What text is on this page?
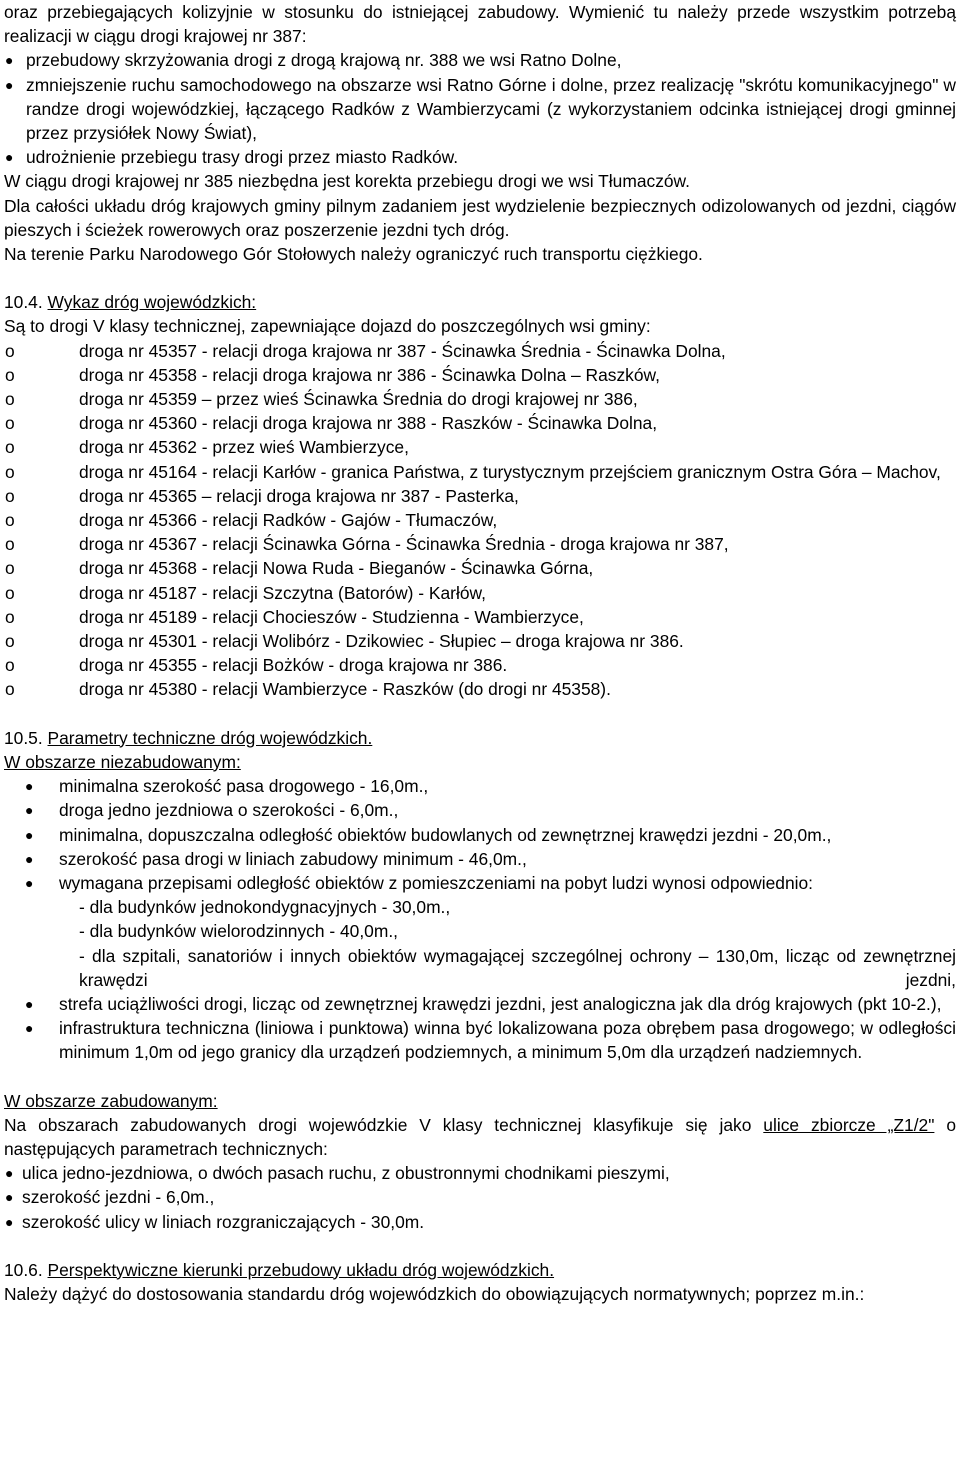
oraz przebiegających kolizyjnie w stosunku do istniejącej zabudowy. Wymienić tu należy przede wszystkim potrzebą realizacji w ciągu drogi krajowej nr 387:

● przebudowy skrzyżowania drogi z drogą krajową nr. 388 we wsi Ratno Dolne,
● zmniejszenie ruchu samochodowego na obszarze wsi Ratno Górne i dolne, przez realizację "skrótu komunikacyjnego" w randze drogi wojewódzkiej, łączącego Radków z Wambierzycami (z wykorzystaniem odcinka istniejącej drogi gminnej przez przysiółek Nowy Świat),
● udrożnienie przebiegu trasy drogi przez miasto Radków.

W ciągu drogi krajowej nr 385 niezbędna jest korekta przebiegu drogi we wsi Tłumaczów.

Dla całości układu dróg krajowych gminy pilnym zadaniem jest wydzielenie bezpiecznych odizolowanych od jezdni, ciągów pieszych i ścieżek rowerowych oraz poszerzenie jezdni tych dróg.

Na terenie Parku Narodowego Gór Stołowych należy ograniczyć ruch transportu ciężkiego.

10.4. Wykaz dróg wojewódzkich:

Są to drogi V klasy technicznej, zapewniające dojazd do poszczególnych wsi gminy:

o	droga nr 45357 - relacji droga krajowa nr 387 - Ścinawka Średnia - Ścinawka Dolna,
o	droga nr 45358 - relacji droga krajowa nr 386 - Ścinawka Dolna – Raszków,
o	droga nr 45359 – przez wieś Ścinawka Średnia do drogi krajowej nr 386,
o	droga nr 45360 - relacji droga krajowa nr 388 - Raszków - Ścinawka Dolna,
o	droga nr 45362 - przez wieś Wambierzyce,
o	droga nr 45164 - relacji Karłów - granica Państwa, z turystycznym przejściem granicznym Ostra Góra – Machov,
o	droga nr 45365 – relacji droga krajowa nr 387 - Pasterka,
o	droga nr 45366 - relacji Radków - Gajów - Tłumaczów,
o	droga nr 45367 - relacji Ścinawka Górna - Ścinawka Średnia - droga krajowa nr 387,
o	droga nr 45368 - relacji Nowa Ruda - Bieganów - Ścinawka Górna,
o	droga nr 45187 - relacji Szczytna (Batorów) - Karłów,
o	droga nr 45189 - relacji Chocieszów - Studzienna - Wambierzyce,
o	droga nr 45301 - relacji Wolibórz - Dzikowiec - Słupiec – droga krajowa nr 386.
o	droga nr 45355 - relacji Bożków - droga krajowa nr 386.
o	droga nr 45380 - relacji Wambierzyce - Raszków (do drogi nr 45358).

10.5. Parametry techniczne dróg wojewódzkich.

W obszarze niezabudowanym:

● minimalna szerokość pasa drogowego - 16,0m.,
● droga jedno jezdniowa o szerokości - 6,0m.,
● minimalna, dopuszczalna odległość obiektów budowlanych od zewnętrznej krawędzi jezdni - 20,0m.,
● szerokość pasa drogi w liniach zabudowy minimum - 46,0m.,
● wymagana przepisami odległość obiektów z pomieszczeniami na pobyt ludzi wynosi odpowiednio:

- dla budynków jednokondygnacyjnych - 30,0m.,

- dla budynków wielorodzinnych - 40,0m.,

- dla szpitali, sanatoriów i innych obiektów wymagającej szczególnej ochrony – 130,0m, licząc od zewnętrznej krawędzi jezdni,

● strefa uciążliwości drogi, licząc od zewnętrznej krawędzi jezdni, jest analogiczna jak dla dróg krajowych (pkt 10-2.),
● infrastruktura techniczna (liniowa i punktowa) winna być lokalizowana poza obrębem pasa drogowego; w odległości minimum 1,0m od jego granicy dla urządzeń podziemnych, a minimum 5,0m dla urządzeń nadziemnych.

W obszarze zabudowanym:

Na obszarach zabudowanych drogi wojewódzkie V klasy technicznej klasyfikuje się jako ulice zbiorcze „Z1/2" o następujących parametrach technicznych:

● ulica jedno-jezdniowa, o dwóch pasach ruchu, z obustronnymi chodnikami pieszymi,
● szerokość jezdni - 6,0m.,
● szerokość ulicy w liniach rozgraniczających - 30,0m.

10.6. Perspektywiczne kierunki przebudowy układu dróg wojewódzkich.

Należy dążyć do dostosowania standardu dróg wojewódzkich do obowiązujących normatywnych; poprzez m.in.:
